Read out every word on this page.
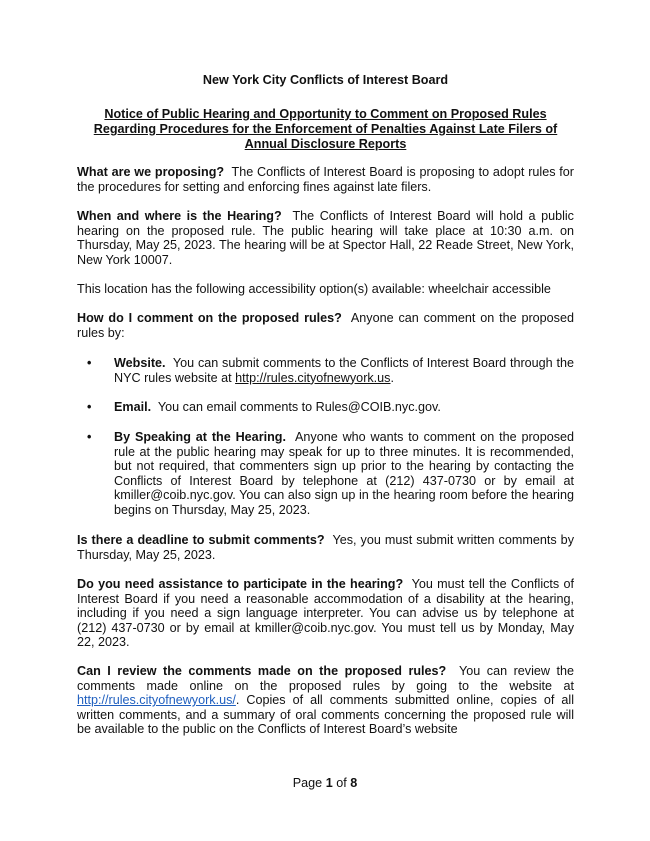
New York City Conflicts of Interest Board
Notice of Public Hearing and Opportunity to Comment on Proposed Rules
Regarding Procedures for the Enforcement of Penalties Against Late Filers of
Annual Disclosure Reports
What are we proposing? The Conflicts of Interest Board is proposing to adopt rules for the procedures for setting and enforcing fines against late filers.
When and where is the Hearing? The Conflicts of Interest Board will hold a public hearing on the proposed rule. The public hearing will take place at 10:30 a.m. on Thursday, May 25, 2023. The hearing will be at Spector Hall, 22 Reade Street, New York, New York 10007.
This location has the following accessibility option(s) available: wheelchair accessible
How do I comment on the proposed rules? Anyone can comment on the proposed rules by:
•	Website. You can submit comments to the Conflicts of Interest Board through the NYC rules website at http://rules.cityofnewyork.us.
•	Email. You can email comments to Rules@COIB.nyc.gov.
•	By Speaking at the Hearing. Anyone who wants to comment on the proposed rule at the public hearing may speak for up to three minutes. It is recommended, but not required, that commenters sign up prior to the hearing by contacting the Conflicts of Interest Board by telephone at (212) 437-0730 or by email at kmiller@coib.nyc.gov. You can also sign up in the hearing room before the hearing begins on Thursday, May 25, 2023.
Is there a deadline to submit comments? Yes, you must submit written comments by Thursday, May 25, 2023.
Do you need assistance to participate in the hearing? You must tell the Conflicts of Interest Board if you need a reasonable accommodation of a disability at the hearing, including if you need a sign language interpreter. You can advise us by telephone at (212) 437-0730 or by email at kmiller@coib.nyc.gov. You must tell us by Monday, May 22, 2023.
Can I review the comments made on the proposed rules? You can review the comments made online on the proposed rules by going to the website at http://rules.cityofnewyork.us/. Copies of all comments submitted online, copies of all written comments, and a summary of oral comments concerning the proposed rule will be available to the public on the Conflicts of Interest Board’s website
Page 1 of 8
